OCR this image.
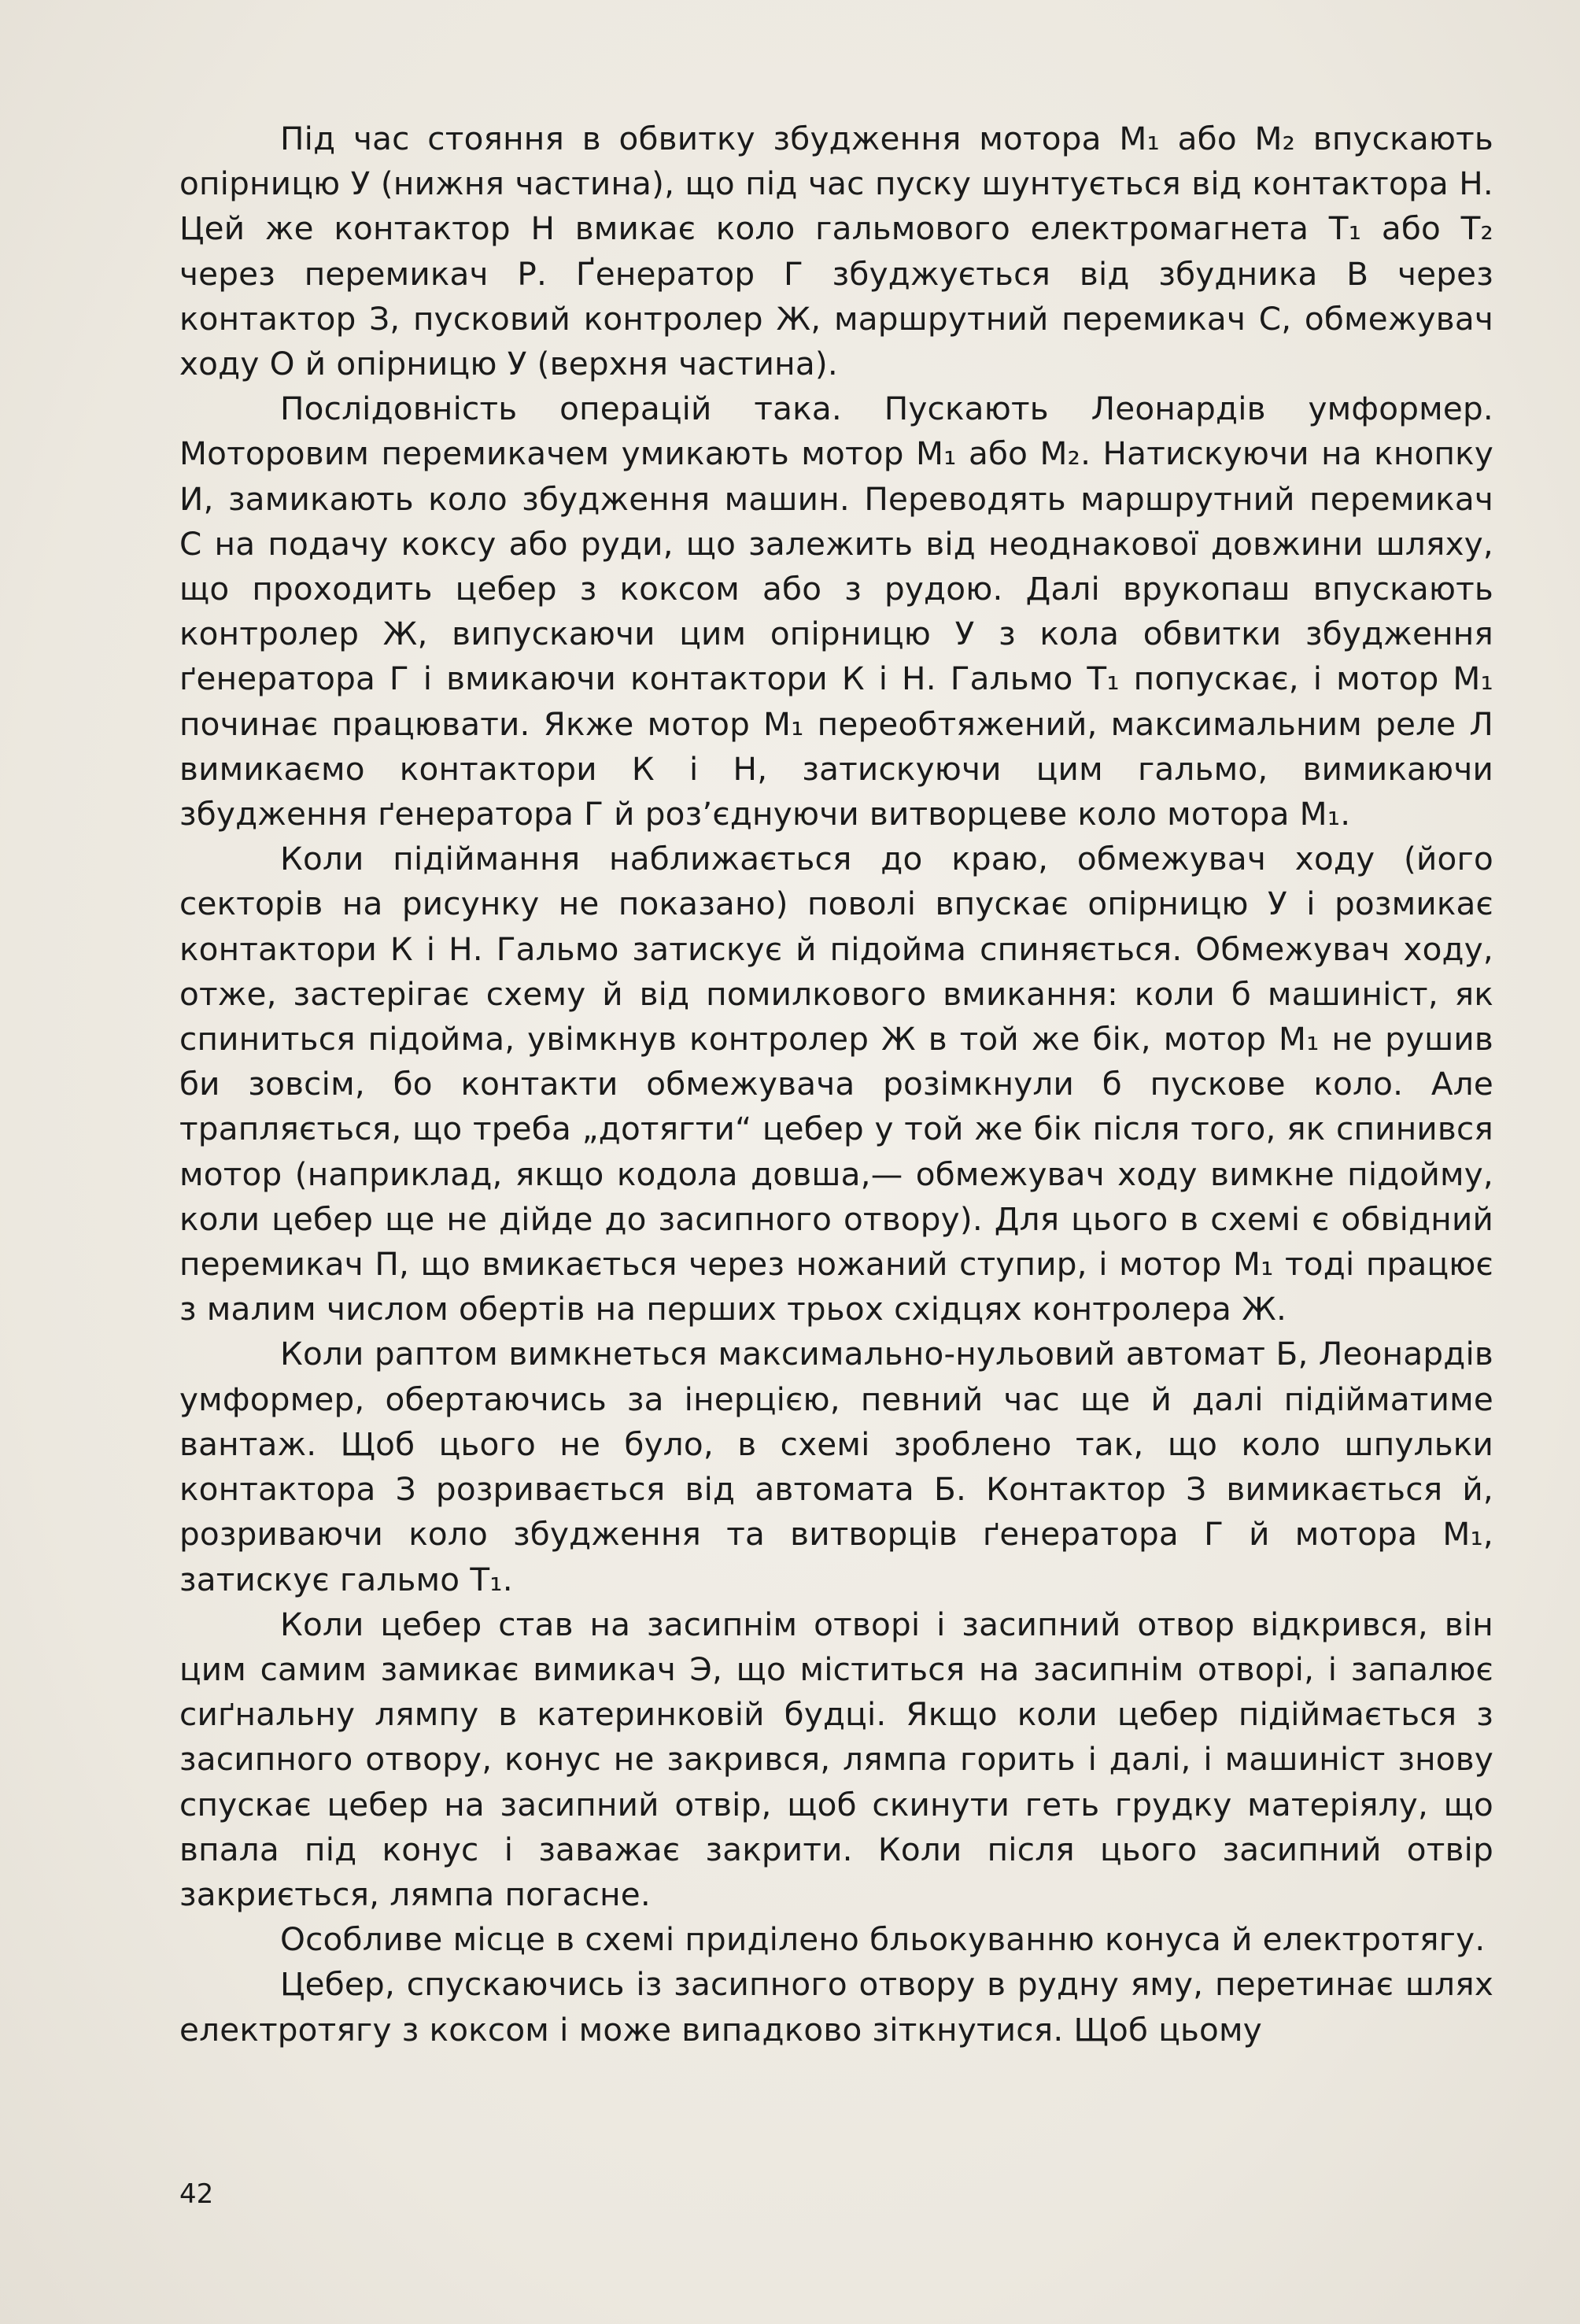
Під час стояння в обвитку збудження мотора М₁ або М₂ впускають опірницю У (нижня частина), що під час пуску шунтується від контактора Н. Цей же контактор Н вмикає коло гальмового електромагнета Т₁ або Т₂ через перемикач Р. Ґенератор Г збуджується від збудника В через контактор З, пусковий контролер Ж, маршрутний перемикач С, обмежувач ходу О й опірницю У (верхня частина).

Послідовність операцій така. Пускають Леонардів умформер. Моторовим перемикачем умикають мотор М₁ або М₂. Натискуючи на кнопку И, замикають коло збудження машин. Переводять маршрутний перемикач С на подачу коксу або руди, що залежить від неоднакової довжини шляху, що проходить цебер з коксом або з рудою. Далі врукопаш впускають контролер Ж, випускаючи цим опірницю У з кола обвитки збудження ґенератора Г і вмикаючи контактори К і Н. Гальмо Т₁ попускає, і мотор М₁ починає працювати. Якже мотор М₁ переобтяжений, максимальним реле Л вимикаємо контактори К і Н, затискуючи цим гальмо, вимикаючи збудження ґенератора Г й роз’єднуючи витворцеве коло мотора М₁.

Коли підіймання наближається до краю, обмежувач ходу (його секторів на рисунку не показано) поволі впускає опірницю У і розмикає контактори К і Н. Гальмо затискує й підойма спиняється. Обмежувач ходу, отже, застерігає схему й від помилкового вмикання: коли б машиніст, як спиниться підойма, увімкнув контролер Ж в той же бік, мотор М₁ не рушив би зовсім, бо контакти обмежувача розімкнули б пускове коло. Але трапляється, що треба „дотягти“ цебер у той же бік після того, як спинився мотор (наприклад, якщо кодола довша,— обмежувач ходу вимкне підойму, коли цебер ще не дійде до засипного отвору). Для цього в схемі є обвідний перемикач П, що вмикається через ножаний ступир, і мотор М₁ тоді працює з малим числом обертів на перших трьох східцях контролера Ж.

Коли раптом вимкнеться максимально-нульовий автомат Б, Леонардів умформер, обертаючись за інерцією, певний час ще й далі підійматиме вантаж. Щоб цього не було, в схемі зроблено так, що коло шпульки контактора З розривається від автомата Б. Контактор З вимикається й, розриваючи коло збудження та витворців ґенератора Г й мотора М₁, затискує гальмо Т₁.

Коли цебер став на засипнім отворі і засипний отвор відкрився, він цим самим замикає вимикач Э, що міститься на засипнім отворі, і запалює сиґнальну лямпу в катеринковій будці. Якщо коли цебер підіймається з засипного отвору, конус не закрився, лямпа горить і далі, і машиніст знову спускає цебер на засипний отвір, щоб скинути геть грудку матеріялу, що впала під конус і заважає закрити. Коли після цього засипний отвір закриється, лямпа погасне.

Особливе місце в схемі приділено бльокуванню конуса й електротягу.

Цебер, спускаючись із засипного отвору в рудну яму, перетинає шлях електротягу з коксом і може випадково зіткнутися. Щоб цьому

42
